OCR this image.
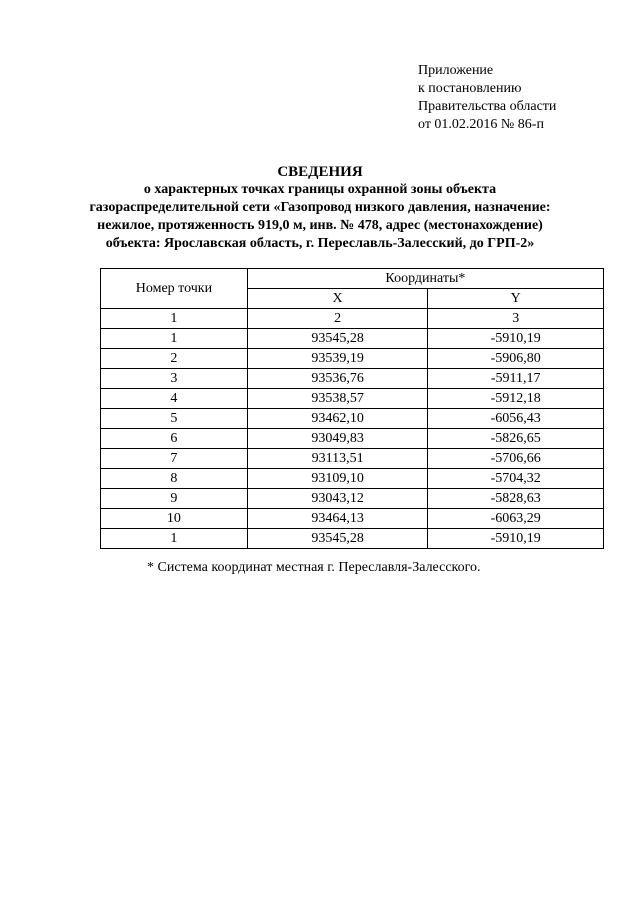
Приложение
к постановлению
Правительства области
от 01.02.2016 № 86-п
СВЕДЕНИЯ
о характерных точках границы охранной зоны объекта
газораспределительной сети «Газопровод низкого давления, назначение:
нежилое, протяженность 919,0 м, инв. № 478, адрес (местонахождение)
объекта: Ярославская область, г. Переславль-Залесский, до ГРП-2»
Номер точки	Координаты*	
	X	Y
1	2	3
1	93545,28	-5910,19
2	93539,19	-5906,80
3	93536,76	-5911,17
4	93538,57	-5912,18
5	93462,10	-6056,43
6	93049,83	-5826,65
7	93113,51	-5706,66
8	93109,10	-5704,32
9	93043,12	-5828,63
10	93464,13	-6063,29
1	93545,28	-5910,19
* Система координат местная г. Переславля-Залесского.
